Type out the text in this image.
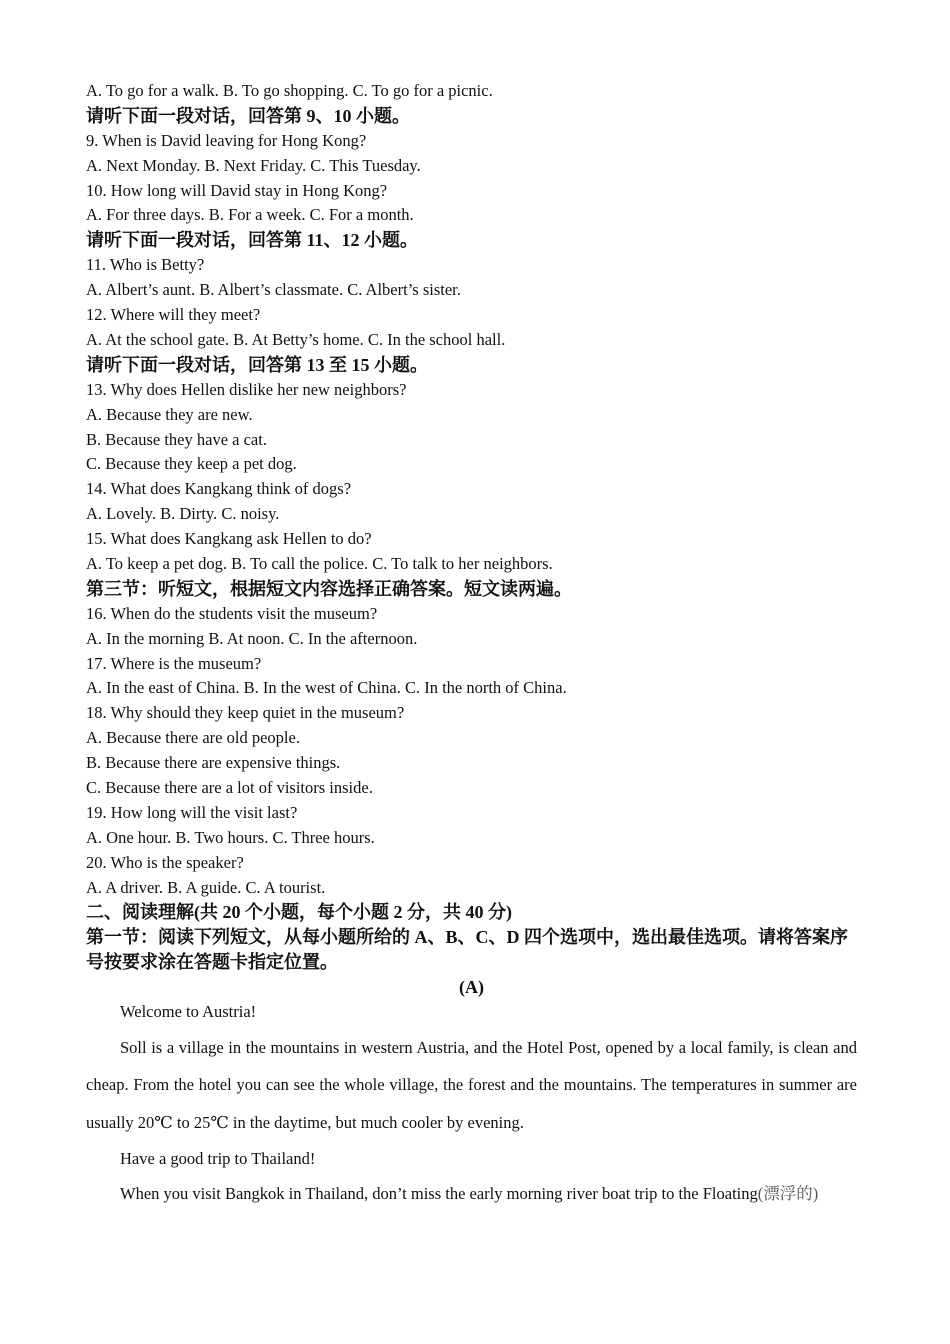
A. To go for a walk. B. To go shopping. C. To go for a picnic.
请听下面一段对话，回答第 9、10 小题。
9. When is David leaving for Hong Kong?
A. Next Monday. B. Next Friday. C. This Tuesday.
10. How long will David stay in Hong Kong?
A. For three days. B. For a week. C. For a month.
请听下面一段对话，回答第 11、12 小题。
11. Who is Betty?
A. Albert’s aunt. B. Albert’s classmate. C. Albert’s sister.
12. Where will they meet?
A. At the school gate. B. At Betty’s home. C. In the school hall.
请听下面一段对话，回答第 13 至 15 小题。
13. Why does Hellen dislike her new neighbors?
A. Because they are new.
B. Because they have a cat.
C. Because they keep a pet dog.
14. What does Kangkang think of dogs?
A. Lovely. B. Dirty. C. noisy.
15. What does Kangkang ask Hellen to do?
A. To keep a pet dog. B. To call the police. C. To talk to her neighbors.
第三节：听短文，根据短文内容选择正确答案。短文读两遍。
16. When do the students visit the museum?
A. In the morning B. At noon. C. In the afternoon.
17. Where is the museum?
A. In the east of China. B. In the west of China. C. In the north of China.
18. Why should they keep quiet in the museum?
A. Because there are old people.
B. Because there are expensive things.
C. Because there are a lot of visitors inside.
19. How long will the visit last?
A. One hour. B. Two hours. C. Three hours.
20. Who is the speaker?
A. A driver. B. A guide. C. A tourist.
二、阅读理解(共 20 个小题，每个小题 2 分，共 40 分)
第一节：阅读下列短文，从每小题所给的 A、B、C、D 四个选项中，选出最佳选项。请将答案序号按要求涂在答题卡指定位置。
(A)
Welcome to Austria!
Soll is a village in the mountains in western Austria, and the Hotel Post, opened by a local family, is clean and cheap. From the hotel you can see the whole village, the forest and the mountains. The temperatures in summer are usually 20℃ to 25℃ in the daytime, but much cooler by evening.
Have a good trip to Thailand!
When you visit Bangkok in Thailand, don’t miss the early morning river boat trip to the Floating(漂浮的)
